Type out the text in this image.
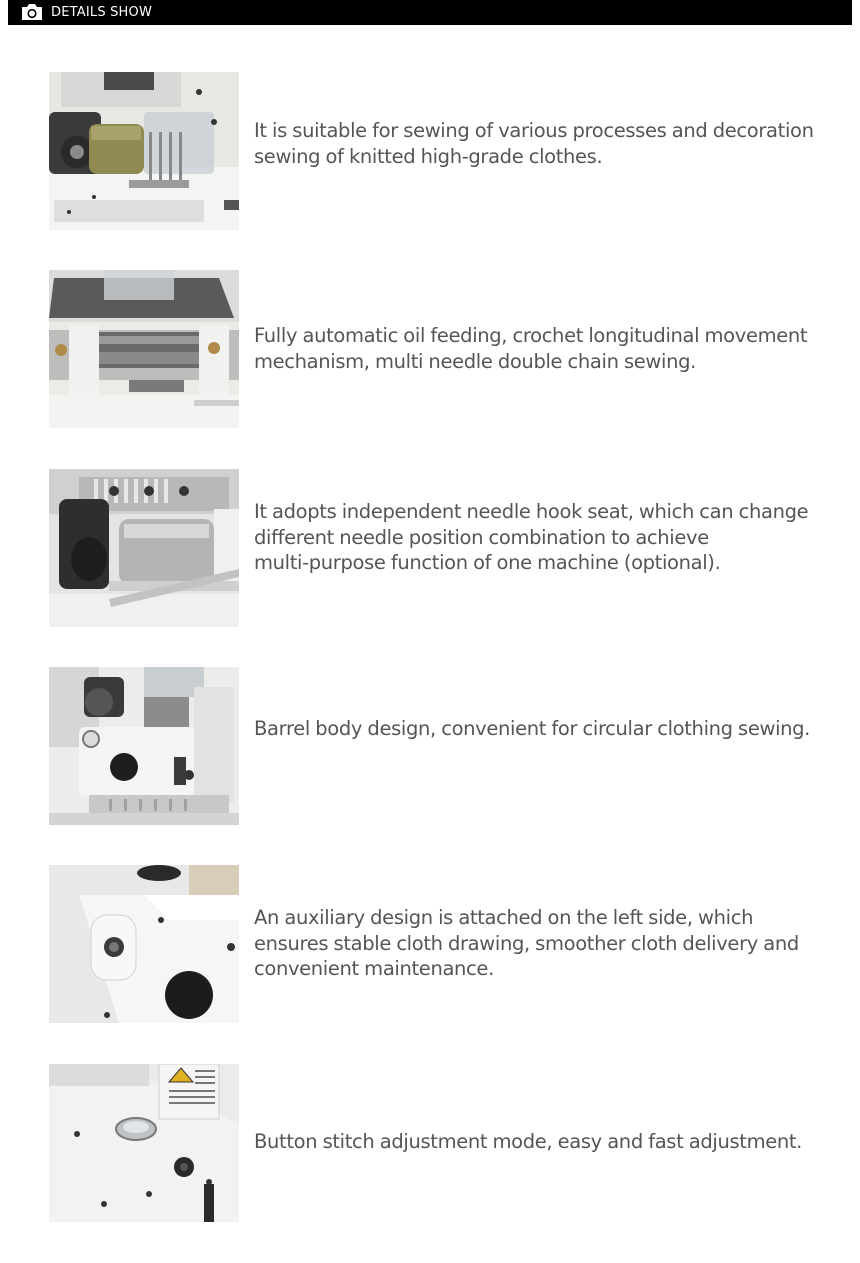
DETAILS SHOW
It is suitable for sewing of various processes and decoration
sewing of knitted high-grade clothes.
Fully automatic oil feeding, crochet longitudinal movement
mechanism, multi needle double chain sewing.
It adopts independent needle hook seat, which can change
different needle position combination to achieve
multi-purpose function of one machine (optional).
Barrel body design, convenient for circular clothing sewing.
An auxiliary design is attached on the left side, which
ensures stable cloth drawing, smoother cloth delivery and
convenient maintenance.
Button stitch adjustment mode, easy and fast adjustment.
